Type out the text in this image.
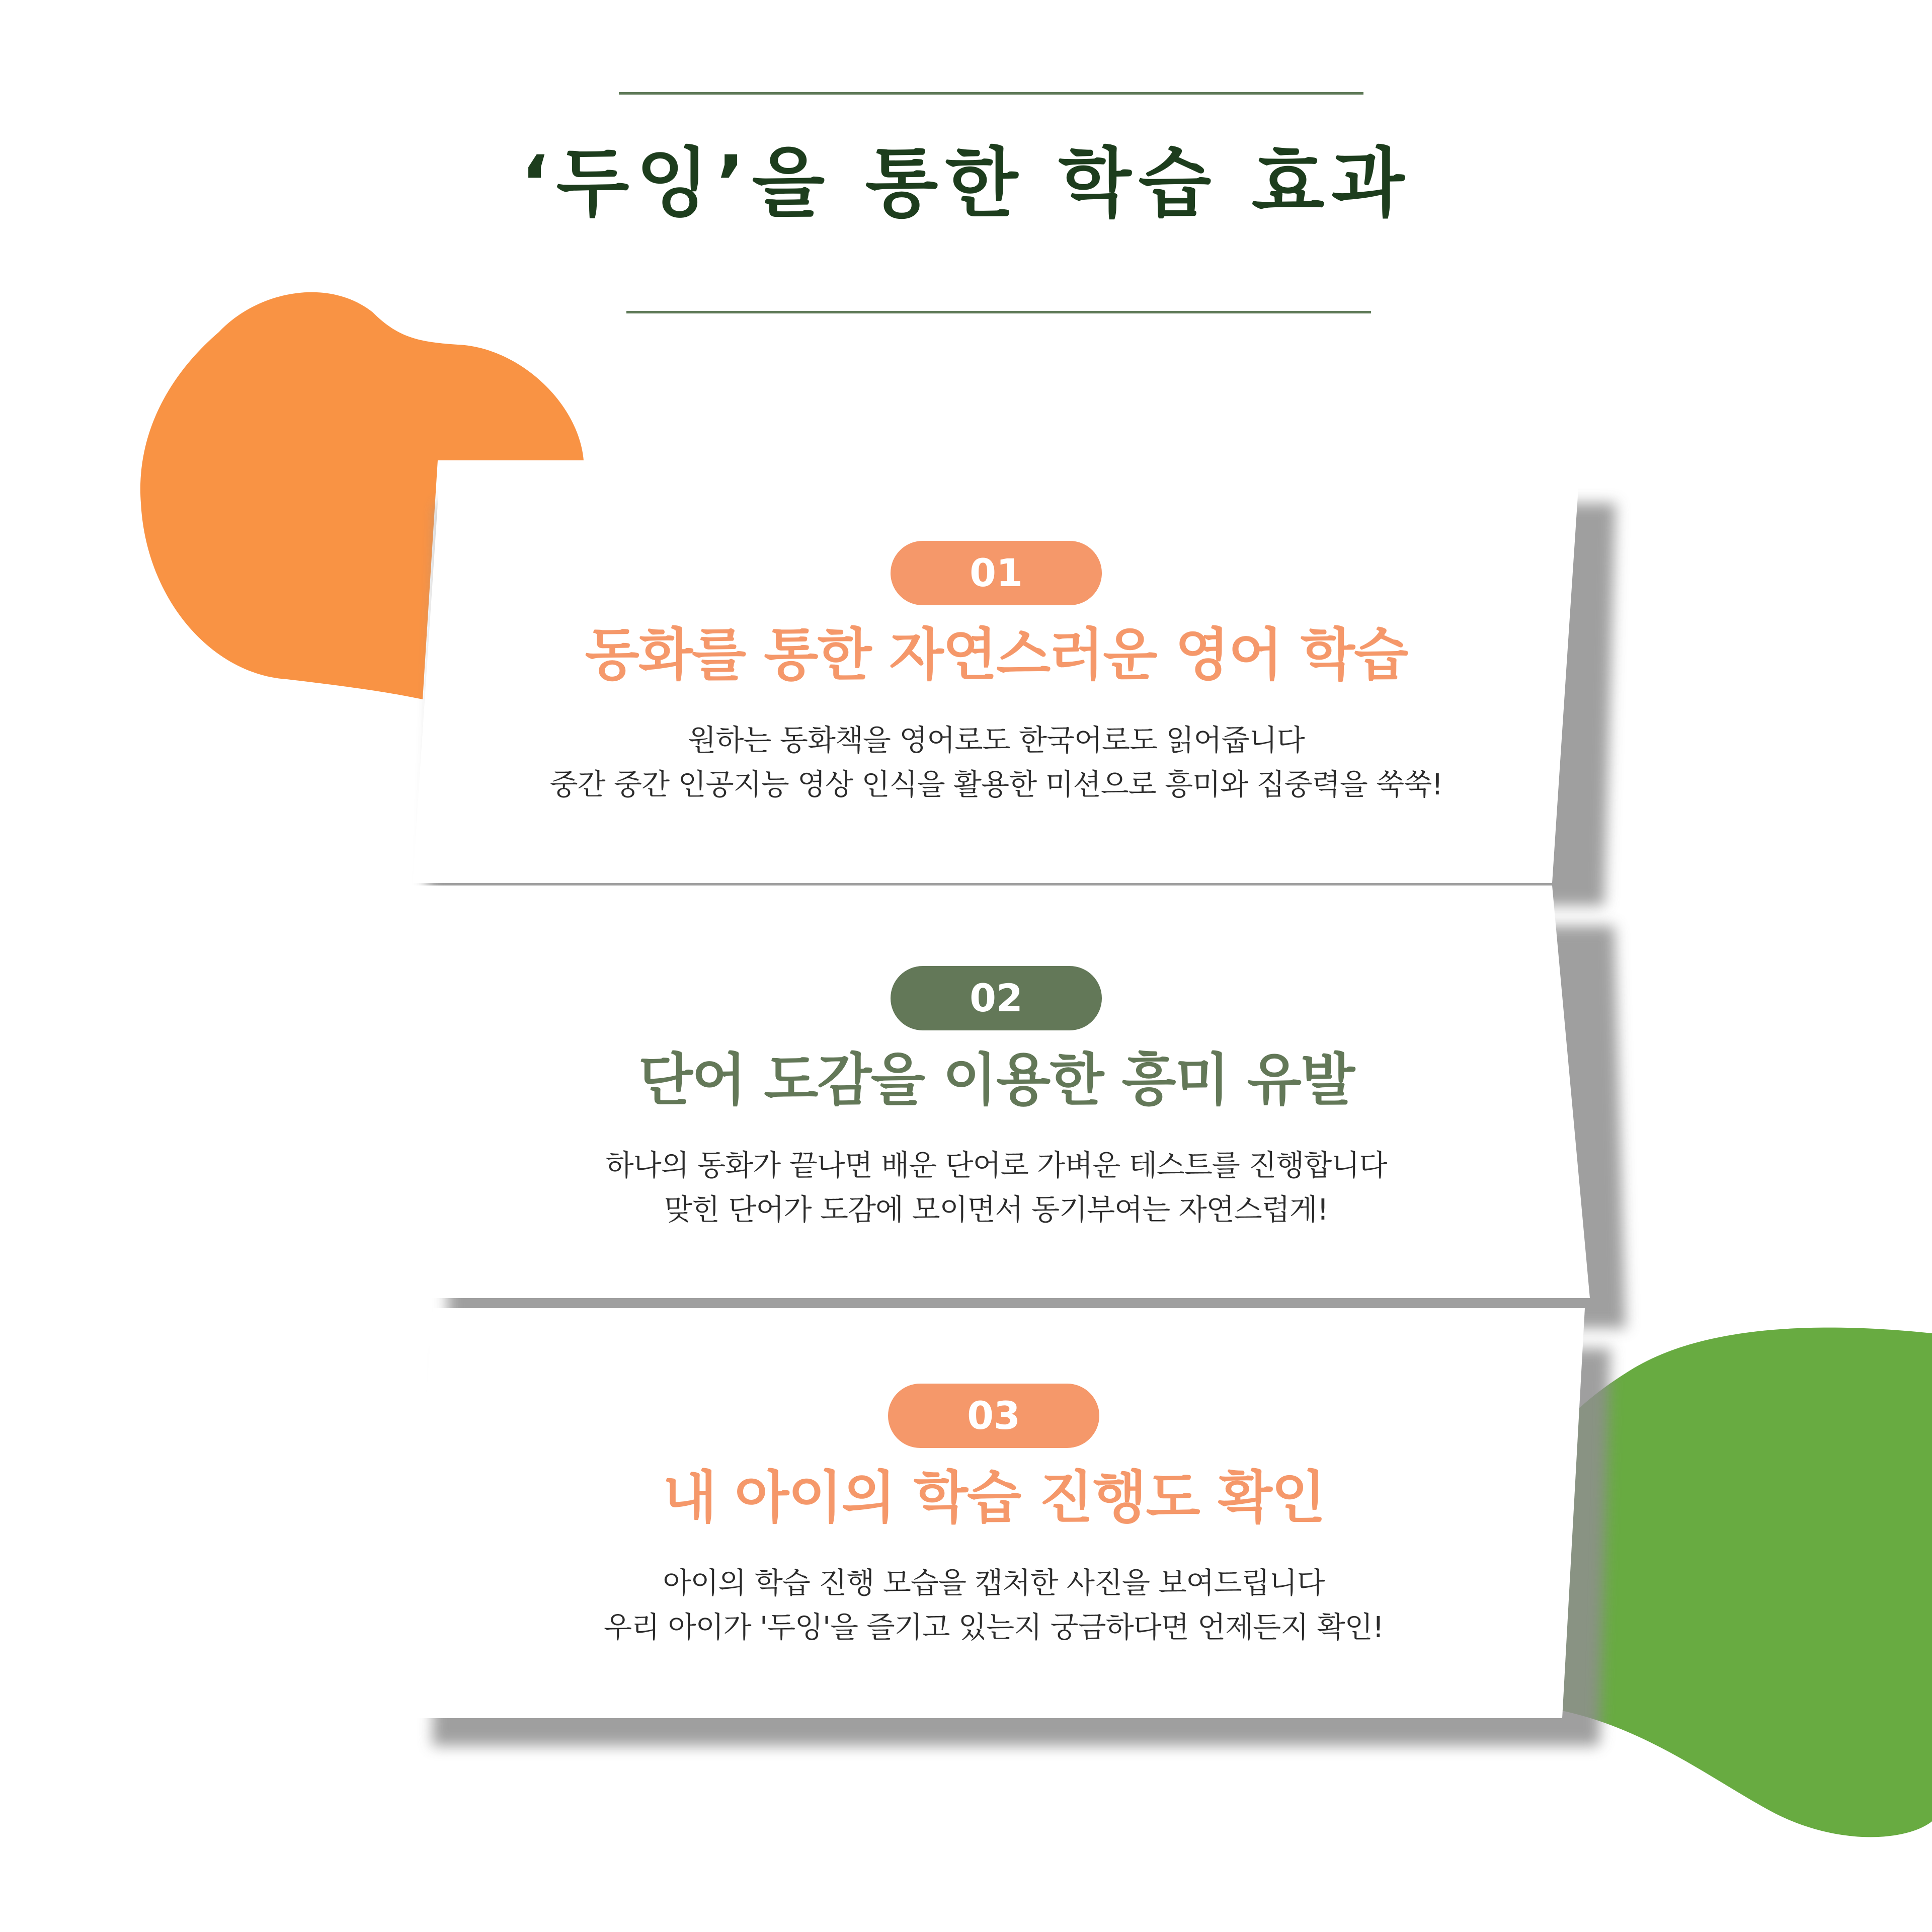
‘두잉’을 통한 학습 효과
01
동화를 통한 자연스러운 영어 학습
원하는 동화책을 영어로도 한국어로도 읽어줍니다
중간 중간 인공지능 영상 인식을 활용한 미션으로 흥미와 집중력을 쑥쑥!
02
단어 도감을 이용한 흥미 유발
하나의 동화가 끝나면 배운 단어로 가벼운 테스트를 진행합니다
맞힌 단어가 도감에 모이면서 동기부여는 자연스럽게!
03
내 아이의 학습 진행도 확인
아이의 학습 진행 모습을 캡처한 사진을 보여드립니다
우리 아이가 '두잉'을 즐기고 있는지 궁금하다면 언제든지 확인!
